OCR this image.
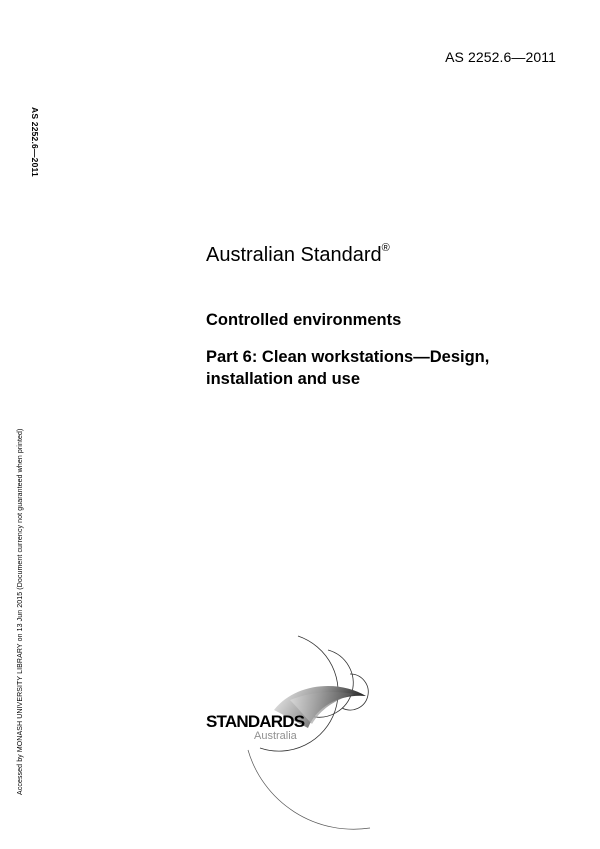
AS 2252.6—2011
AS 2252.6—2011
Accessed by MONASH UNIVERSITY LIBRARY on 13 Jun 2015 (Document currency not guaranteed when printed)
Australian Standard®
Controlled environments
Part 6: Clean workstations—Design, installation and use
STANDARDS
Australia
